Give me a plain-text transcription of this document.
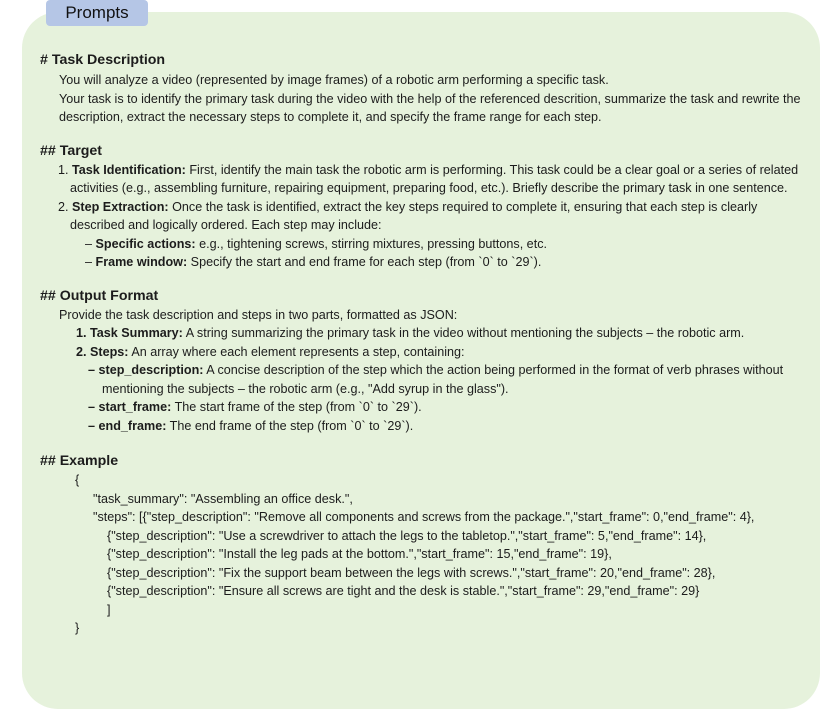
Prompts

# Task Description

You will analyze a video (represented by image frames) of a robotic arm performing a specific task.

Your task is to identify the primary task during the video with the help of the referenced descrition, summarize the task and rewrite the description, extract the necessary steps to complete it, and specify the frame range for each step.

## Target

1. Task Identification: First, identify the main task the robotic arm is performing. This task could be a clear goal or a series of related activities (e.g., assembling furniture, repairing equipment, preparing food, etc.). Briefly describe the primary task in one sentence.

2. Step Extraction: Once the task is identified, extract the key steps required to complete it, ensuring that each step is clearly described and logically ordered. Each step may include:

– Specific actions: e.g., tightening screws, stirring mixtures, pressing buttons, etc.

– Frame window: Specify the start and end frame for each step (from `0` to `29`).

## Output Format

Provide the task description and steps in two parts, formatted as JSON:

1. Task Summary: A string summarizing the primary task in the video without mentioning the subjects – the robotic arm.

2. Steps: An array where each element represents a step, containing:

– step_description: A concise description of the step which the action being performed in the format of verb phrases without mentioning the subjects – the robotic arm (e.g., "Add syrup in the glass").

– start_frame: The start frame of the step (from `0` to `29`).

– end_frame: The end frame of the step (from `0` to `29`).

## Example

{

"task_summary": "Assembling an office desk.",

"steps": [{"step_description": "Remove all components and screws from the package.","start_frame": 0,"end_frame": 4},

{"step_description": "Use a screwdriver to attach the legs to the tabletop.","start_frame": 5,"end_frame": 14},

{"step_description": "Install the leg pads at the bottom.","start_frame": 15,"end_frame": 19},

{"step_description": "Fix the support beam between the legs with screws.","start_frame": 20,"end_frame": 28},

{"step_description": "Ensure all screws are tight and the desk is stable.","start_frame": 29,"end_frame": 29}

]

}
